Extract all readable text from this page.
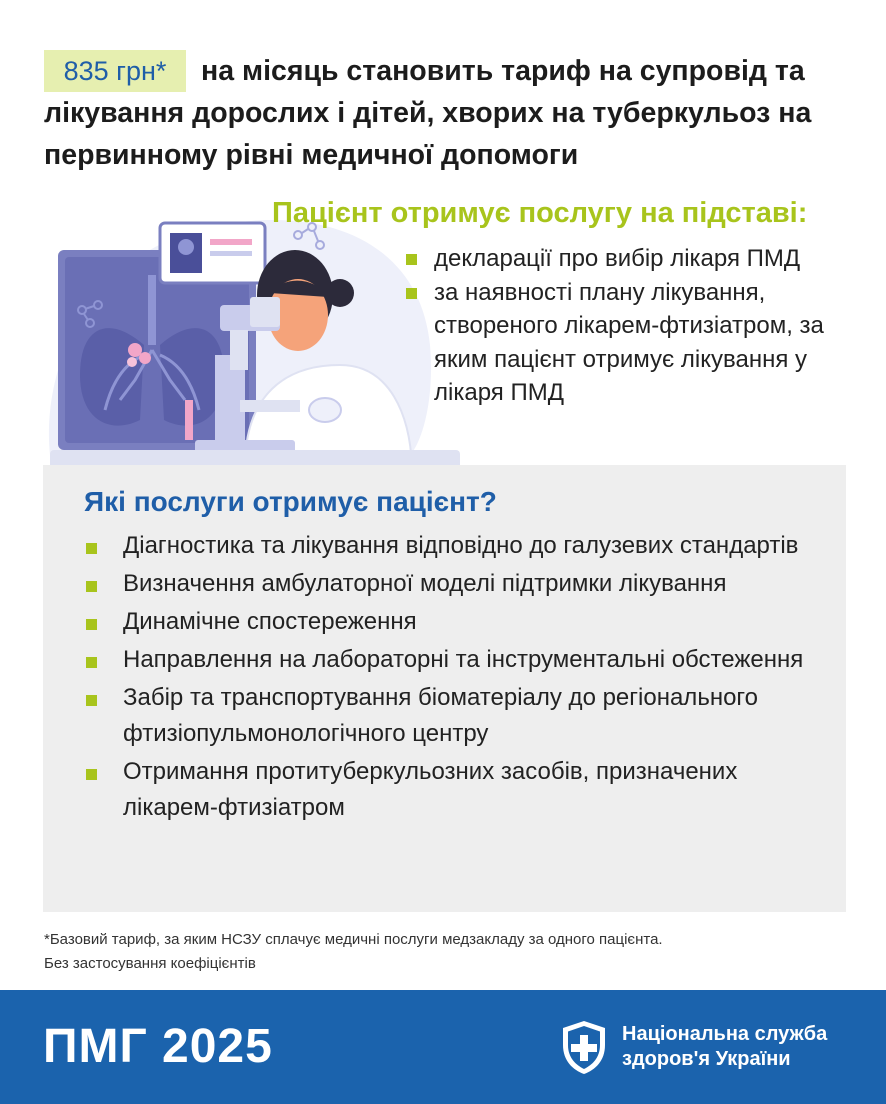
835 грн*	на місяць становить тариф на супровід та лікування дорослих і дітей, хворих на туберкульоз на первинному рівні медичної допомоги
Пацієнт отримує послугу на підставі:
декларації про вибір лікаря ПМД
за наявності плану лікування, створеного лікарем-фтизіатром, за яким пацієнт отримує лікування у лікаря ПМД
Які послуги отримує пацієнт?
Діагностика та лікування відповідно до галузевих стандартів
Визначення амбулаторної моделі підтримки лікування
Динамічне спостереження
Направлення на лабораторні та інструментальні обстеження
Забір та транспортування біоматеріалу до регіонального фтизіопульмонологічного центру
Отримання протитуберкульозних засобів, призначених лікарем-фтизіатром
*Базовий тариф, за яким НСЗУ сплачує медичні послуги медзакладу за одного пацієнта.
Без застосування коефіцієнтів
ПМГ 2025	Національна служба
здоров'я України
